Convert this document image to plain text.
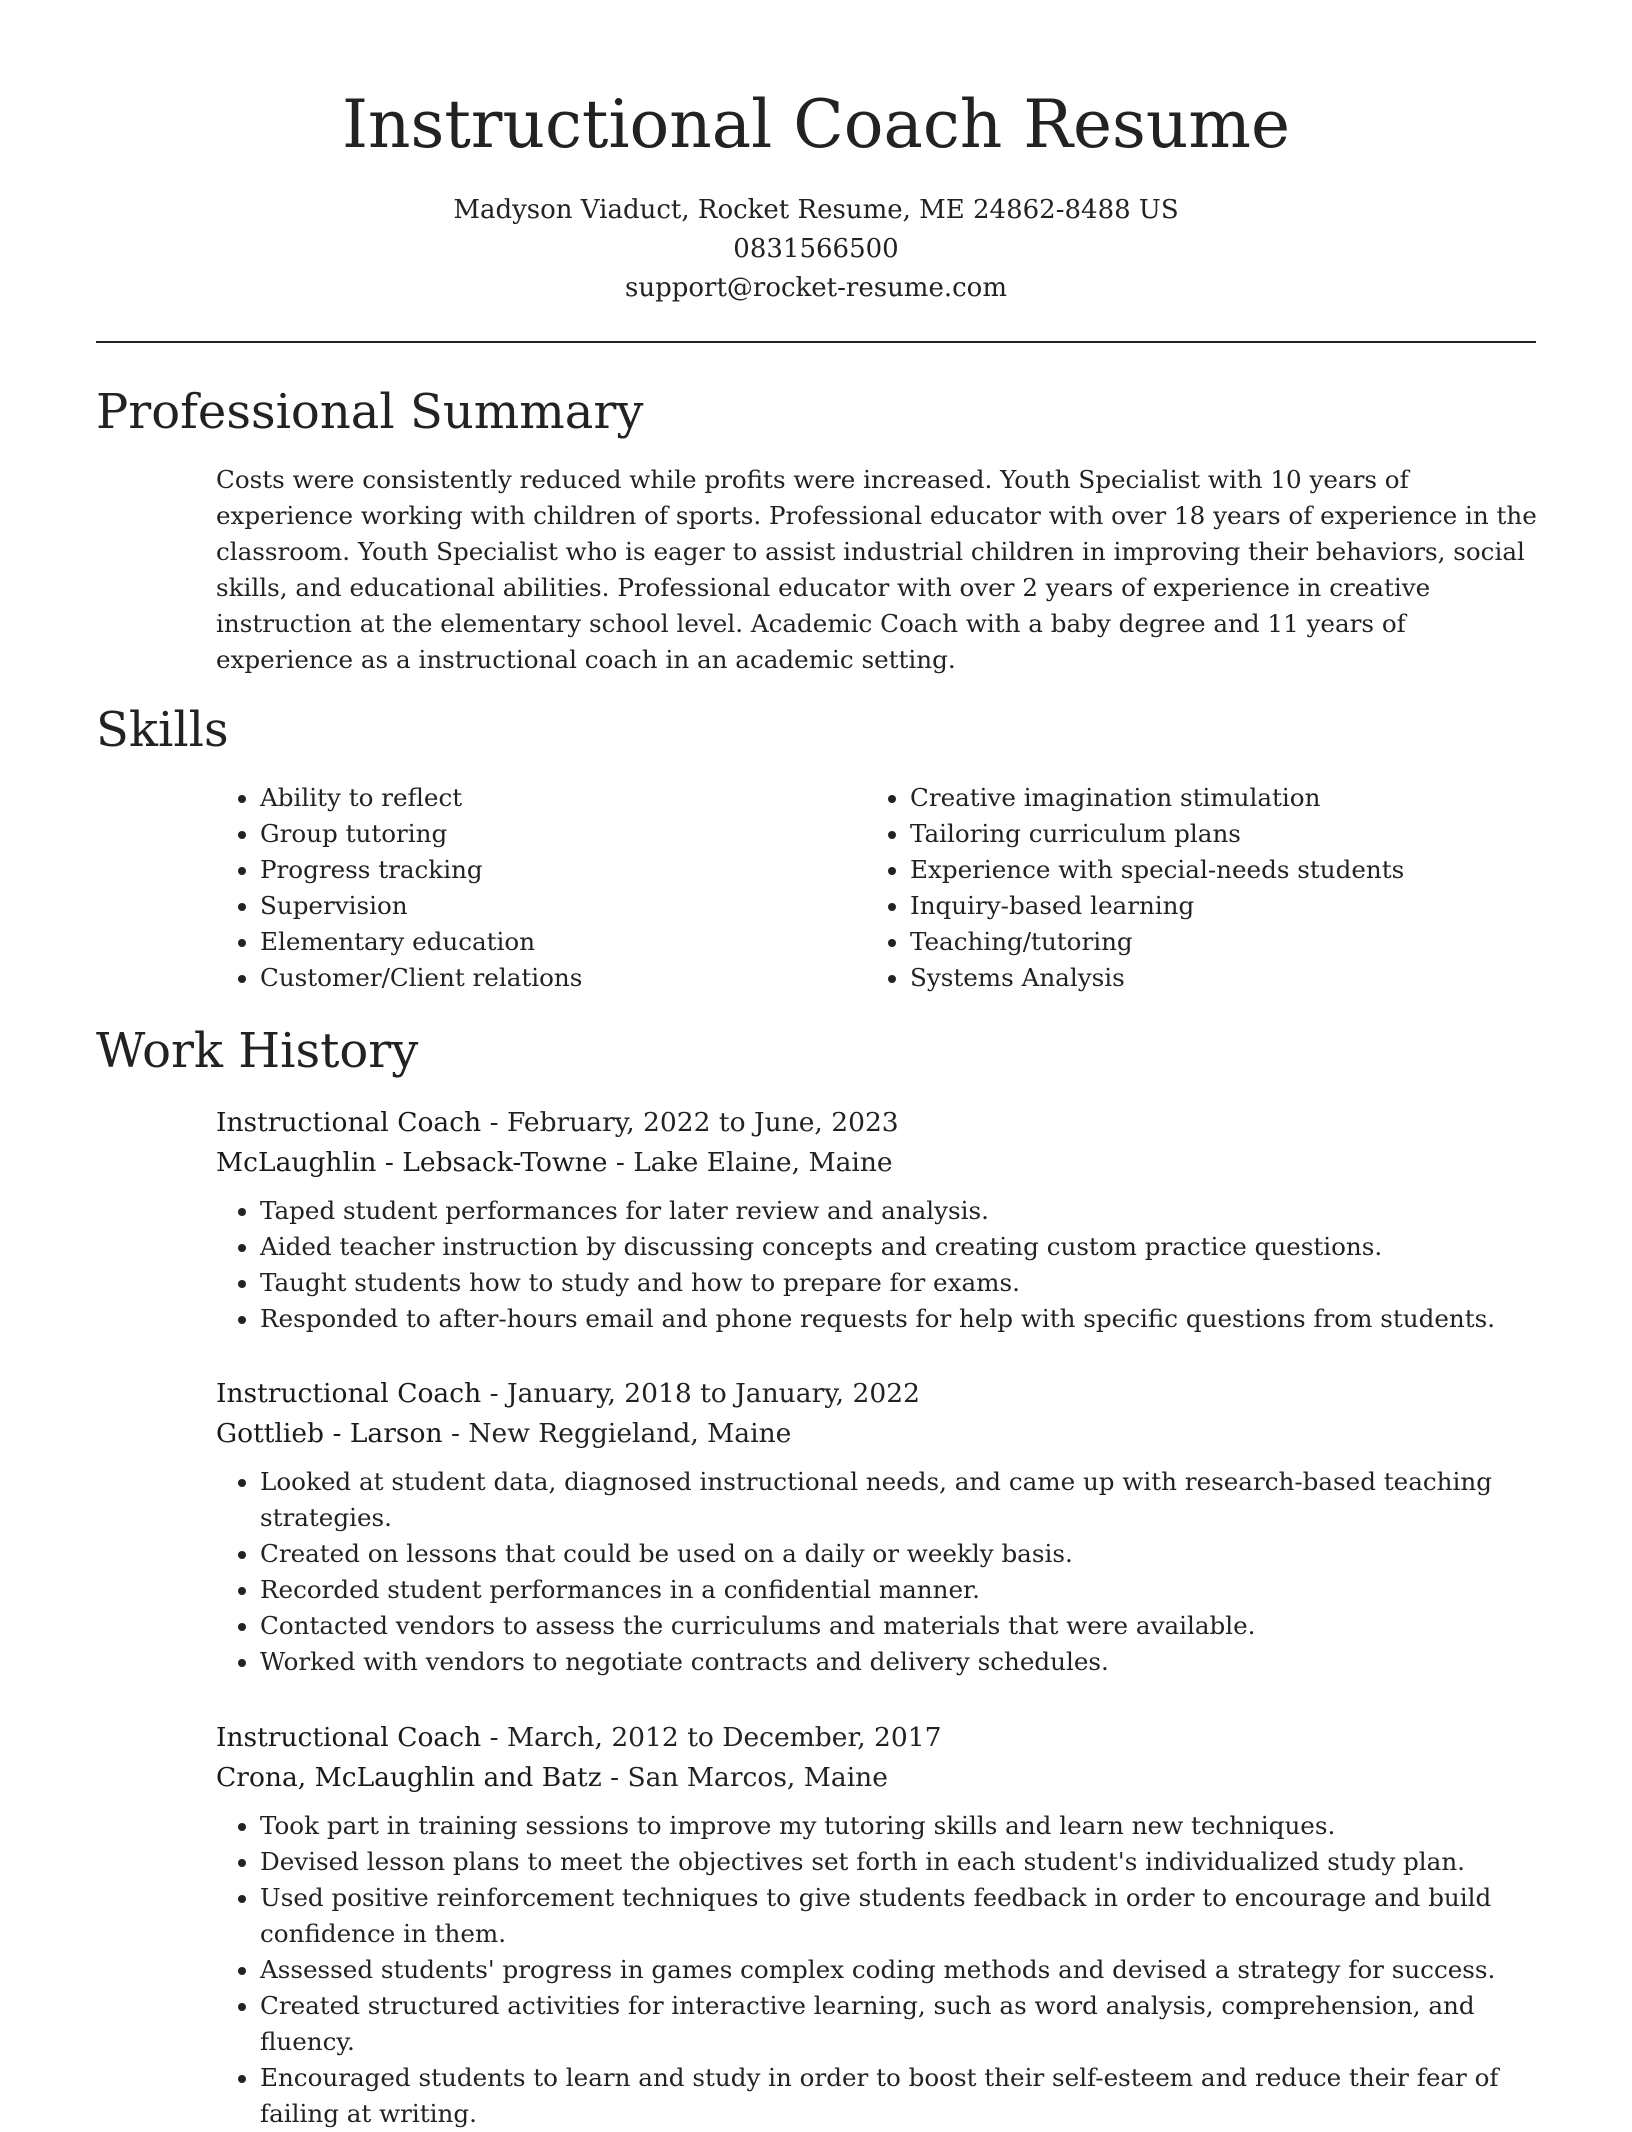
Instructional Coach Resume
Madyson Viaduct, Rocket Resume, ME 24862-8488 US
0831566500
support@rocket-resume.com
Professional Summary

Costs were consistently reduced while profits were increased. Youth Specialist with 10 years of experience working with children of sports. Professional educator with over 18 years of experience in the classroom. Youth Specialist who is eager to assist industrial children in improving their behaviors, social skills, and educational abilities. Professional educator with over 2 years of experience in creative instruction at the elementary school level. Academic Coach with a baby degree and 11 years of experience as a instructional coach in an academic setting.

Skills
• Ability to reflect
• Group tutoring
• Progress tracking
• Supervision
• Elementary education
• Customer/Client relations
• Creative imagination stimulation
• Tailoring curriculum plans
• Experience with special-needs students
• Inquiry-based learning
• Teaching/tutoring
• Systems Analysis
Work History
Instructional Coach - February, 2022 to June, 2023
McLaughlin - Lebsack-Towne - Lake Elaine, Maine
• Taped student performances for later review and analysis.
• Aided teacher instruction by discussing concepts and creating custom practice questions.
• Taught students how to study and how to prepare for exams.
• Responded to after-hours email and phone requests for help with specific questions from students.
Instructional Coach - January, 2018 to January, 2022
Gottlieb - Larson - New Reggieland, Maine
• Looked at student data, diagnosed instructional needs, and came up with research-based teaching strategies.
• Created on lessons that could be used on a daily or weekly basis.
• Recorded student performances in a confidential manner.
• Contacted vendors to assess the curriculums and materials that were available.
• Worked with vendors to negotiate contracts and delivery schedules.
Instructional Coach - March, 2012 to December, 2017
Crona, McLaughlin and Batz - San Marcos, Maine
• Took part in training sessions to improve my tutoring skills and learn new techniques.
• Devised lesson plans to meet the objectives set forth in each student's individualized study plan.
• Used positive reinforcement techniques to give students feedback in order to encourage and build confidence in them.
• Assessed students' progress in games complex coding methods and devised a strategy for success.
• Created structured activities for interactive learning, such as word analysis, comprehension, and fluency.
• Encouraged students to learn and study in order to boost their self-esteem and reduce their fear of failing at writing.
